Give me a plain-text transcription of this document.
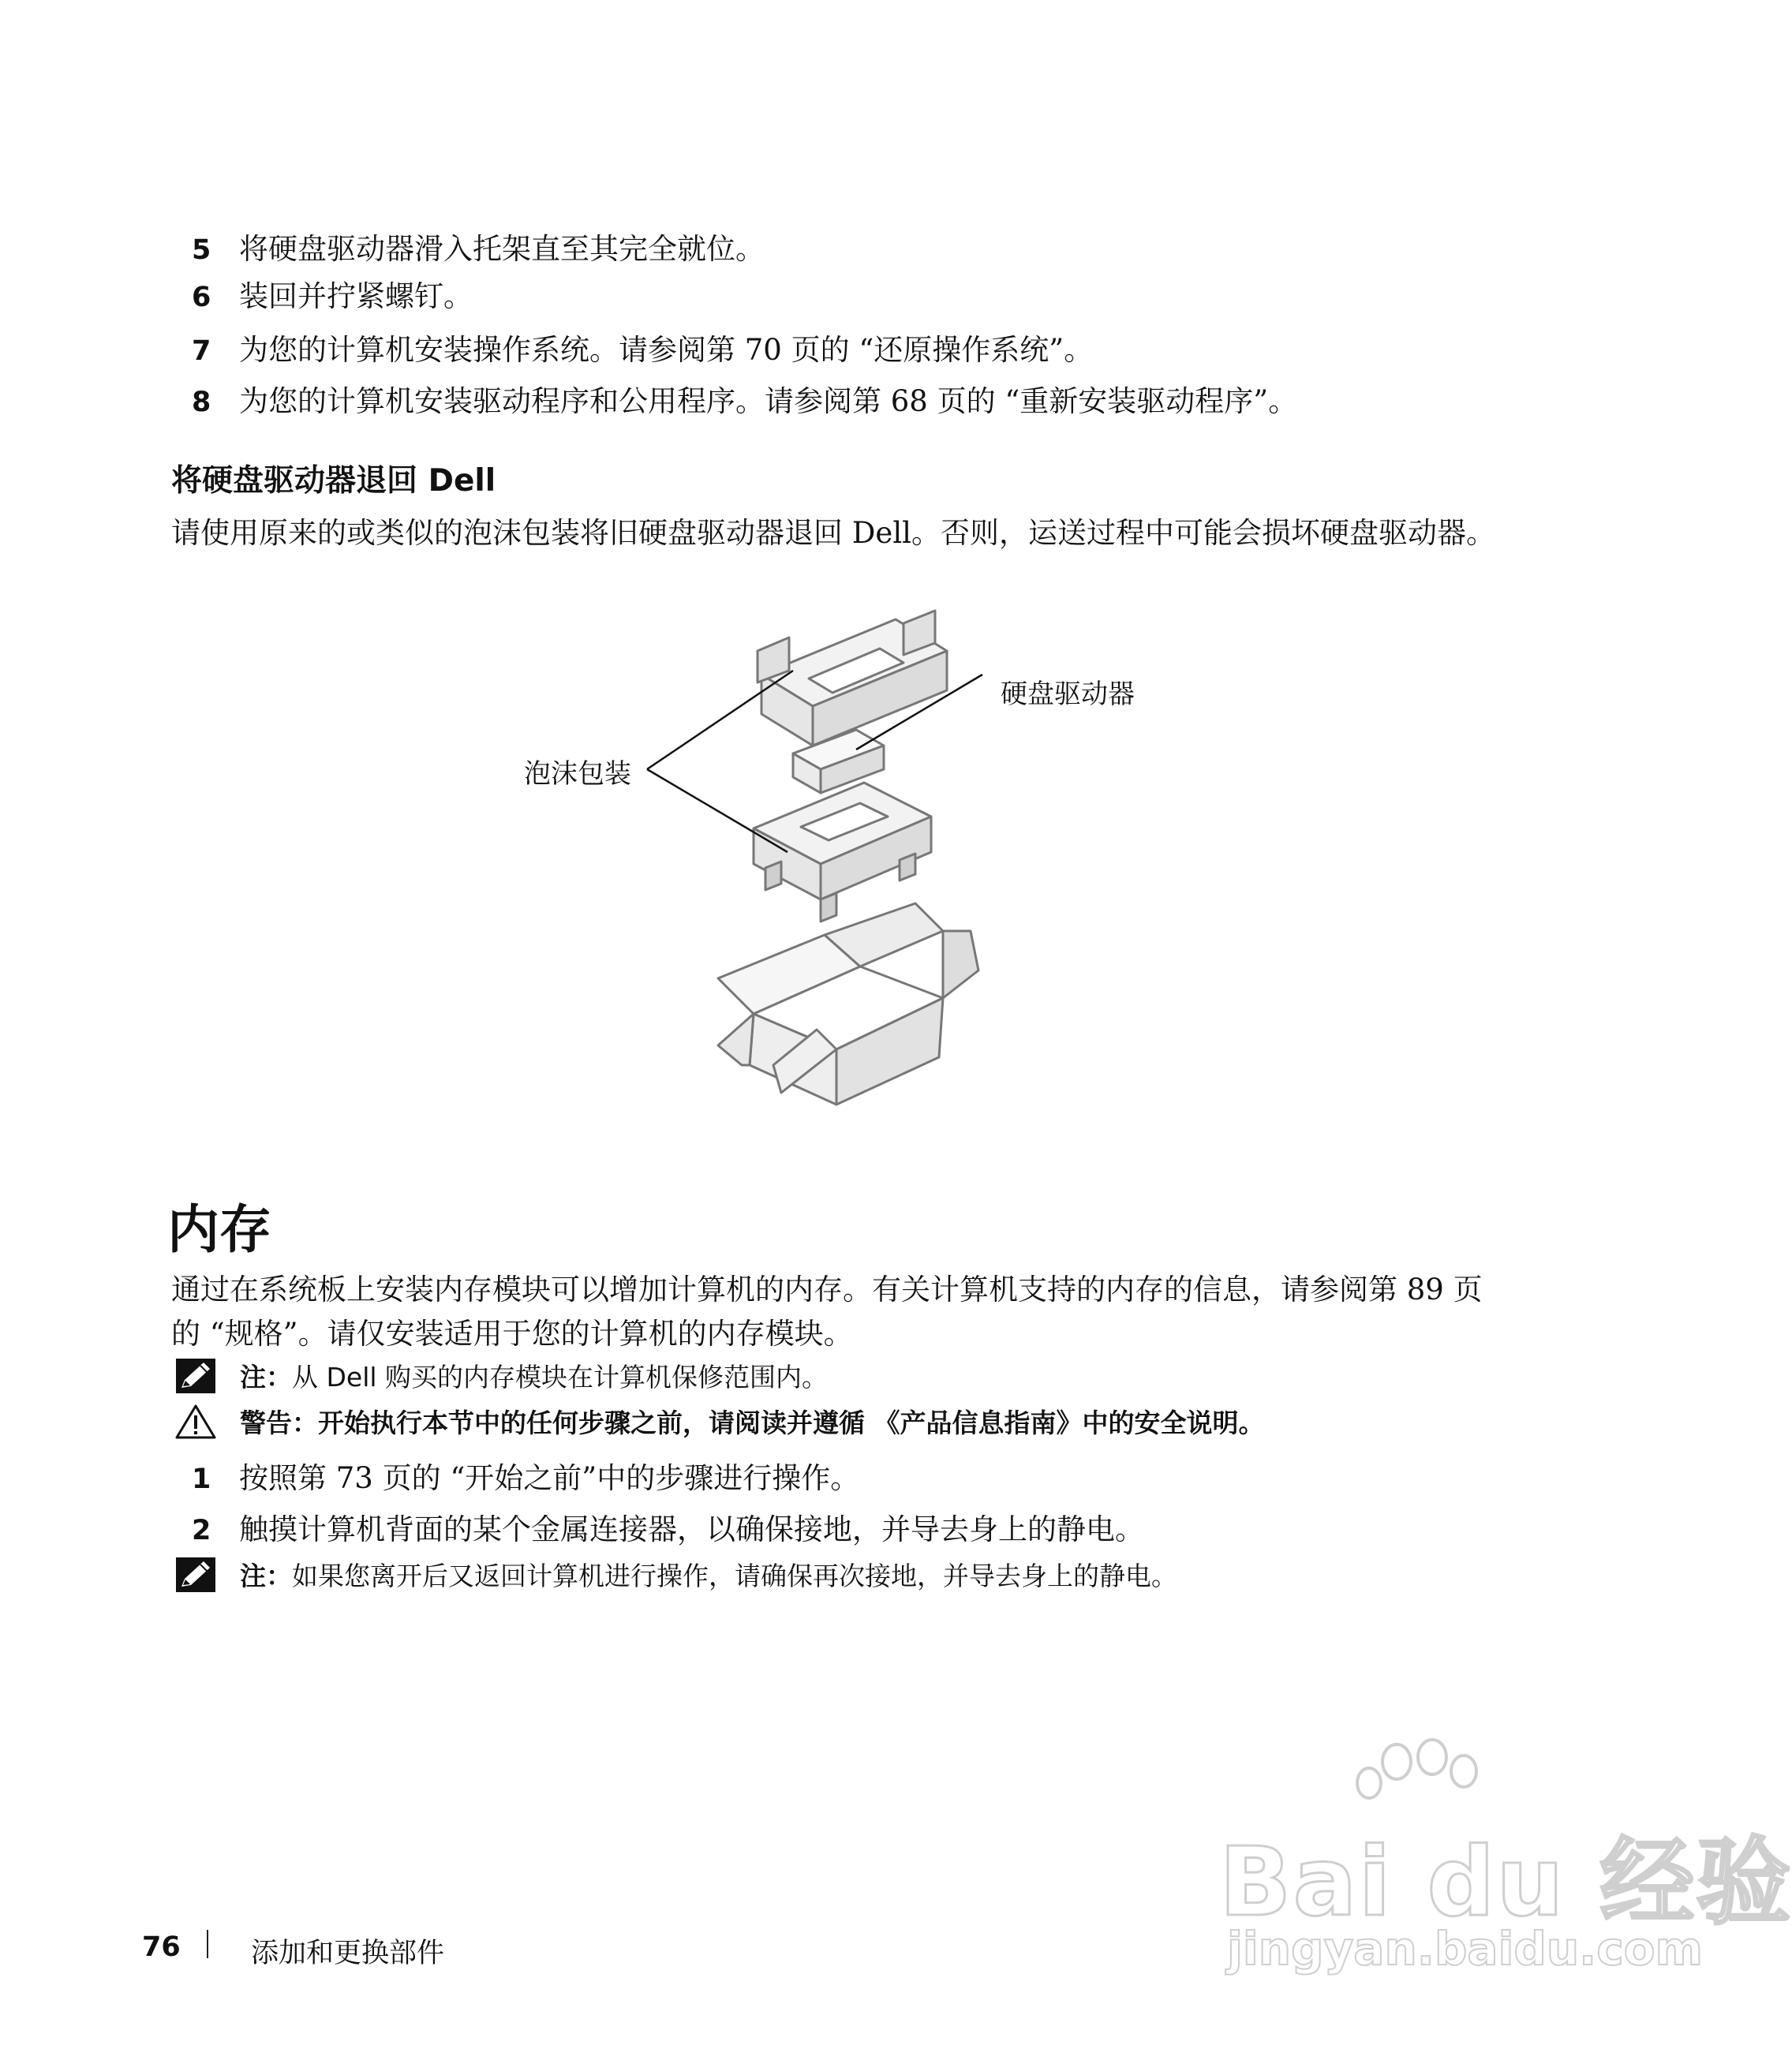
5 将硬盘驱动器滑入托架直至其完全就位。
6 装回并拧紧螺钉。
7 为您的计算机安装操作系统。请参阅第 70 页的 “还原操作系统”。
8 为您的计算机安装驱动程序和公用程序。请参阅第 68 页的 “重新安装驱动程序”。
将硬盘驱动器退回 Dell
请使用原来的或类似的泡沫包装将旧硬盘驱动器退回 Dell。否则，运送过程中可能会损坏硬盘驱动器。
硬盘驱动器
泡沫包装
内存
通过在系统板上安装内存模块可以增加计算机的内存。有关计算机支持的内存的信息，请参阅第 89 页
的 “规格”。请仅安装适用于您的计算机的内存模块。
注： 从 Dell 购买的内存模块在计算机保修范围内。
警告： 开始执行本节中的任何步骤之前，请阅读并遵循 《产品信息指南》中的安全说明。
1 按照第 73 页的 “开始之前”中的步骤进行操作。
2 触摸计算机背面的某个金属连接器，以确保接地，并导去身上的静电。
注： 如果您离开后又返回计算机进行操作，请确保再次接地，并导去身上的静电。
Bai du 经验
jingyan.baidu.com
76	添加和更换部件
